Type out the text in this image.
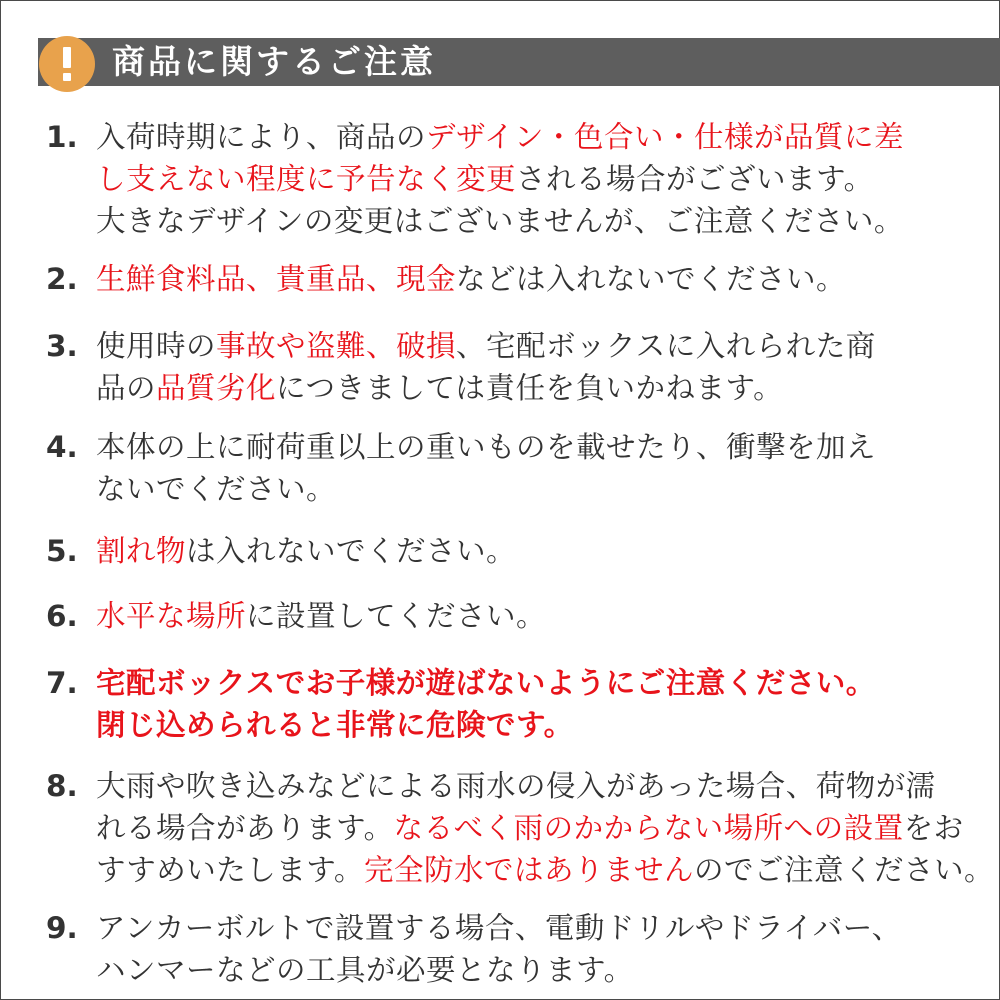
商品に関するご注意
1. 入荷時期により、商品のデザイン・色合い・仕様が品質に差
し支えない程度に予告なく変更される場合がございます。
大きなデザインの変更はございませんが、ご注意ください。
2. 生鮮食料品、貴重品、現金などは入れないでください。
3. 使用時の事故や盗難、破損、宅配ボックスに入れられた商
品の品質劣化につきましては責任を負いかねます。
4. 本体の上に耐荷重以上の重いものを載せたり、衝撃を加え
ないでください。
5. 割れ物は入れないでください。
6. 水平な場所に設置してください。
7. 宅配ボックスでお子様が遊ばないようにご注意ください。
閉じ込められると非常に危険です。
8. 大雨や吹き込みなどによる雨水の侵入があった場合、荷物が濡
れる場合があります。なるべく雨のかからない場所への設置をお
すすめいたします。完全防水ではありませんのでご注意ください。
9. アンカーボルトで設置する場合、電動ドリルやドライバー、
ハンマーなどの工具が必要となります。
